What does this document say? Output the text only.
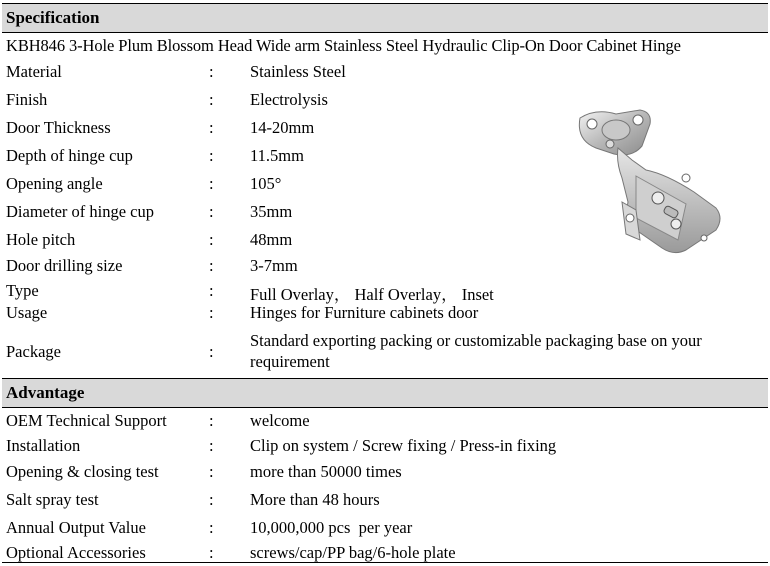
Specification
KBH846 3-Hole Plum Blossom Head Wide arm Stainless Steel Hydraulic Clip-On Door Cabinet Hinge
Material	: Stainless Steel
Finish	: Electrolysis
Door Thickness	: 14-20mm
Depth of hinge cup	: 11.5mm
Opening angle	: 105°
Diameter of hinge cup	: 35mm
Hole pitch	: 48mm
Door drilling size	: 3-7mm
Type	: Full Overlay， Half Overlay， Inset
Usage	: Hinges for Furniture cabinets door
Package	:
Standard exporting packing or customizable packaging base on your requirement
Advantage
OEM Technical Support	: welcome
Installation	: Clip on system / Screw fixing / Press-in fixing
Opening & closing test	: more than 50000 times
Salt spray test	: More than 48 hours
Annual Output Value	: 10,000,000 pcs  per year
Optional Accessories	: screws/cap/PP bag/6-hole plate
